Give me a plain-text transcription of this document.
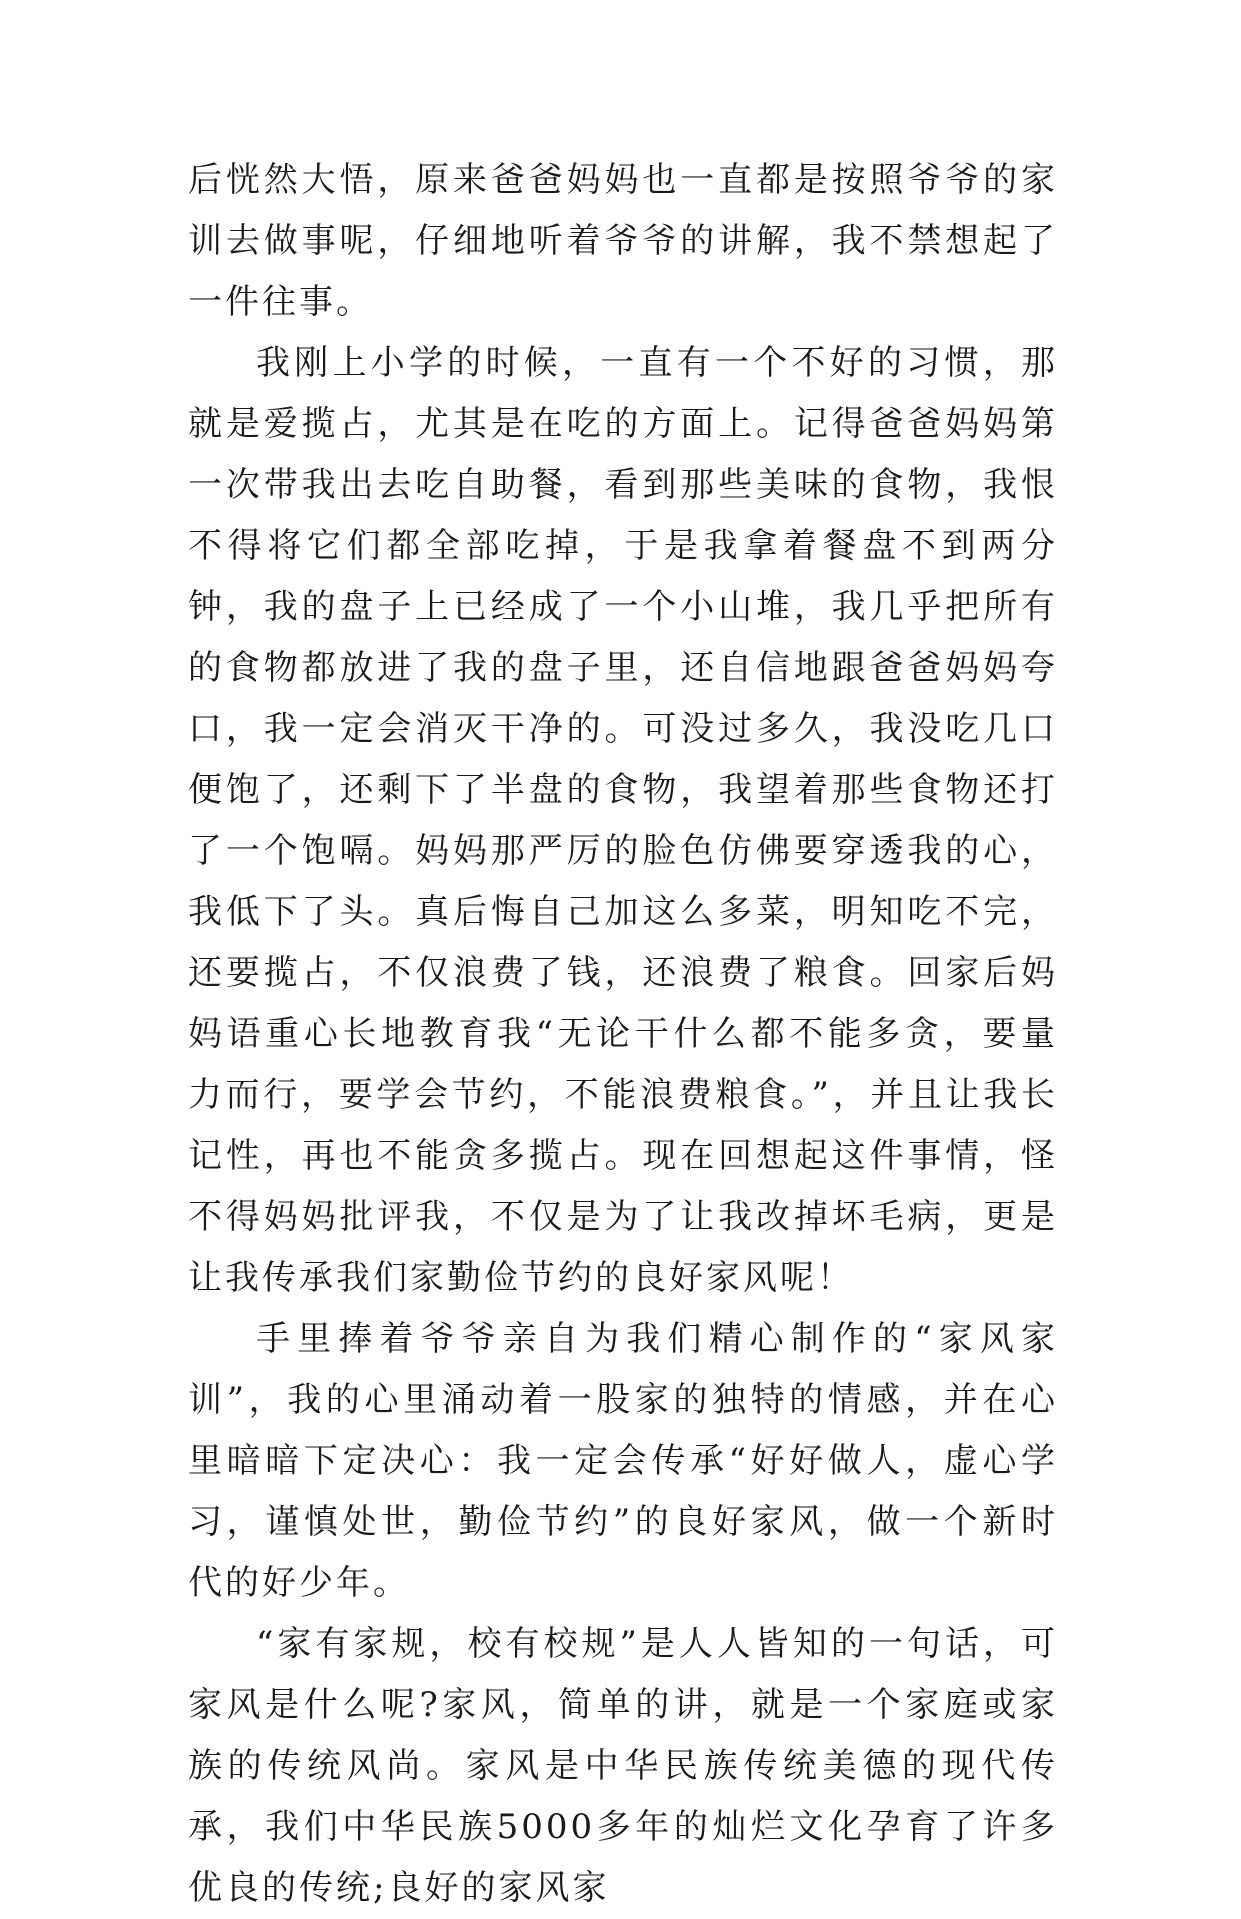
后恍然大悟，原来爸爸妈妈也一直都是按照爷爷的家训去做事呢，仔细地听着爷爷的讲解，我不禁想起了一件往事。

我刚上小学的时候，一直有一个不好的习惯，那就是爱揽占，尤其是在吃的方面上。记得爸爸妈妈第一次带我出去吃自助餐，看到那些美味的食物，我恨不得将它们都全部吃掉，于是我拿着餐盘不到两分钟，我的盘子上已经成了一个小山堆，我几乎把所有的食物都放进了我的盘子里，还自信地跟爸爸妈妈夸口，我一定会消灭干净的。可没过多久，我没吃几口便饱了，还剩下了半盘的食物，我望着那些食物还打了一个饱嗝。妈妈那严厉的脸色仿佛要穿透我的心，我低下了头。真后悔自己加这么多菜，明知吃不完，还要揽占，不仅浪费了钱，还浪费了粮食。回家后妈妈语重心长地教育我“无论干什么都不能多贪，要量力而行，要学会节约，不能浪费粮食。”，并且让我长记性，再也不能贪多揽占。现在回想起这件事情，怪不得妈妈批评我，不仅是为了让我改掉坏毛病，更是让我传承我们家勤俭节约的良好家风呢！

手里捧着爷爷亲自为我们精心制作的“家风家训”，我的心里涌动着一股家的独特的情感，并在心里暗暗下定决心：我一定会传承“好好做人，虚心学习，谨慎处世，勤俭节约”的良好家风，做一个新时代的好少年。

“家有家规，校有校规”是人人皆知的一句话，可家风是什么呢?家风，简单的讲，就是一个家庭或家族的传统风尚。家风是中华民族传统美德的现代传承，我们中华民族5000多年的灿烂文化孕育了许多优良的传统;良好的家风家
